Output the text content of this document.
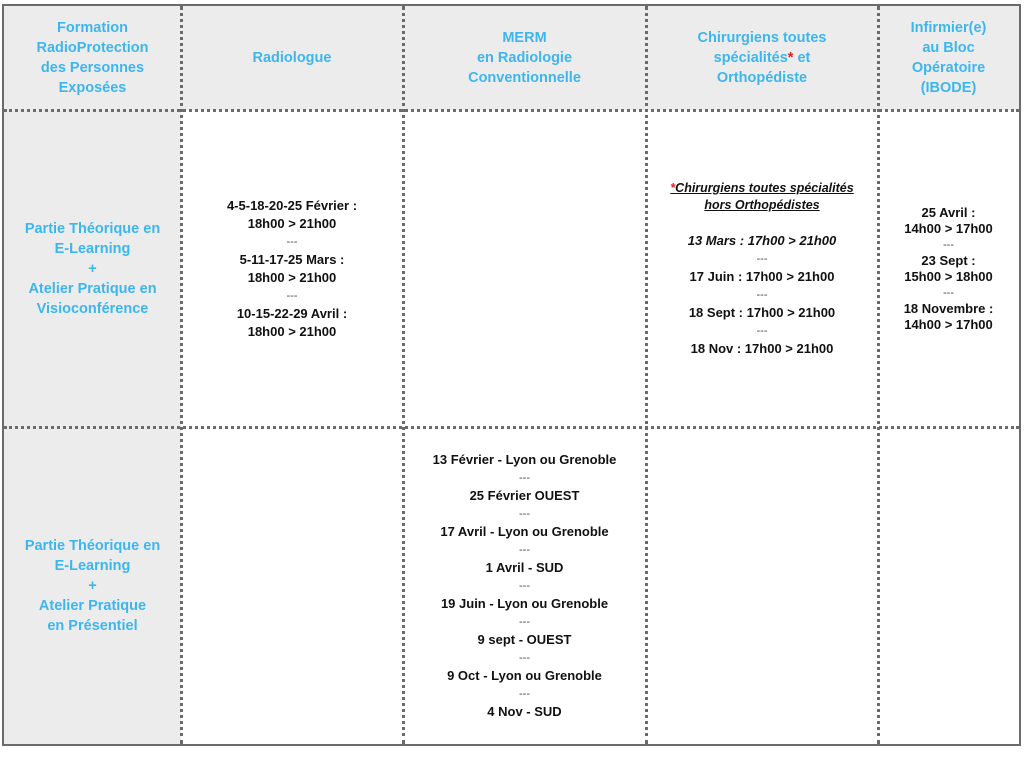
Formation
RadioProtection
des Personnes
Exposées
Radiologue
MERM
en Radiologie
Conventionnelle
Chirurgiens toutes
spécialités* et
Orthopédiste
Infirmier(e)
au Bloc
Opératoire
(IBODE)
Partie Théorique en
E-Learning
+
Atelier Pratique en
Visioconférence
4-5-18-20-25 Février :
18h00 > 21h00
---
5-11-17-25 Mars :
18h00 > 21h00
---
10-15-22-29 Avril :
18h00 > 21h00
*Chirurgiens toutes spécialités
hors Orthopédistes
13 Mars : 17h00 > 21h00
---
17 Juin : 17h00 > 21h00
---
18 Sept : 17h00 > 21h00
---
18 Nov : 17h00 > 21h00
25 Avril :
14h00 > 17h00
---
23 Sept :
15h00 > 18h00
---
18 Novembre :
14h00 > 17h00
Partie Théorique en
E-Learning
+
Atelier Pratique
en Présentiel
13 Février - Lyon ou Grenoble
---
25 Février OUEST
---
17 Avril - Lyon ou Grenoble
---
1 Avril - SUD
---
19 Juin - Lyon ou Grenoble
---
9 sept - OUEST
---
9 Oct - Lyon ou Grenoble
---
4 Nov - SUD
